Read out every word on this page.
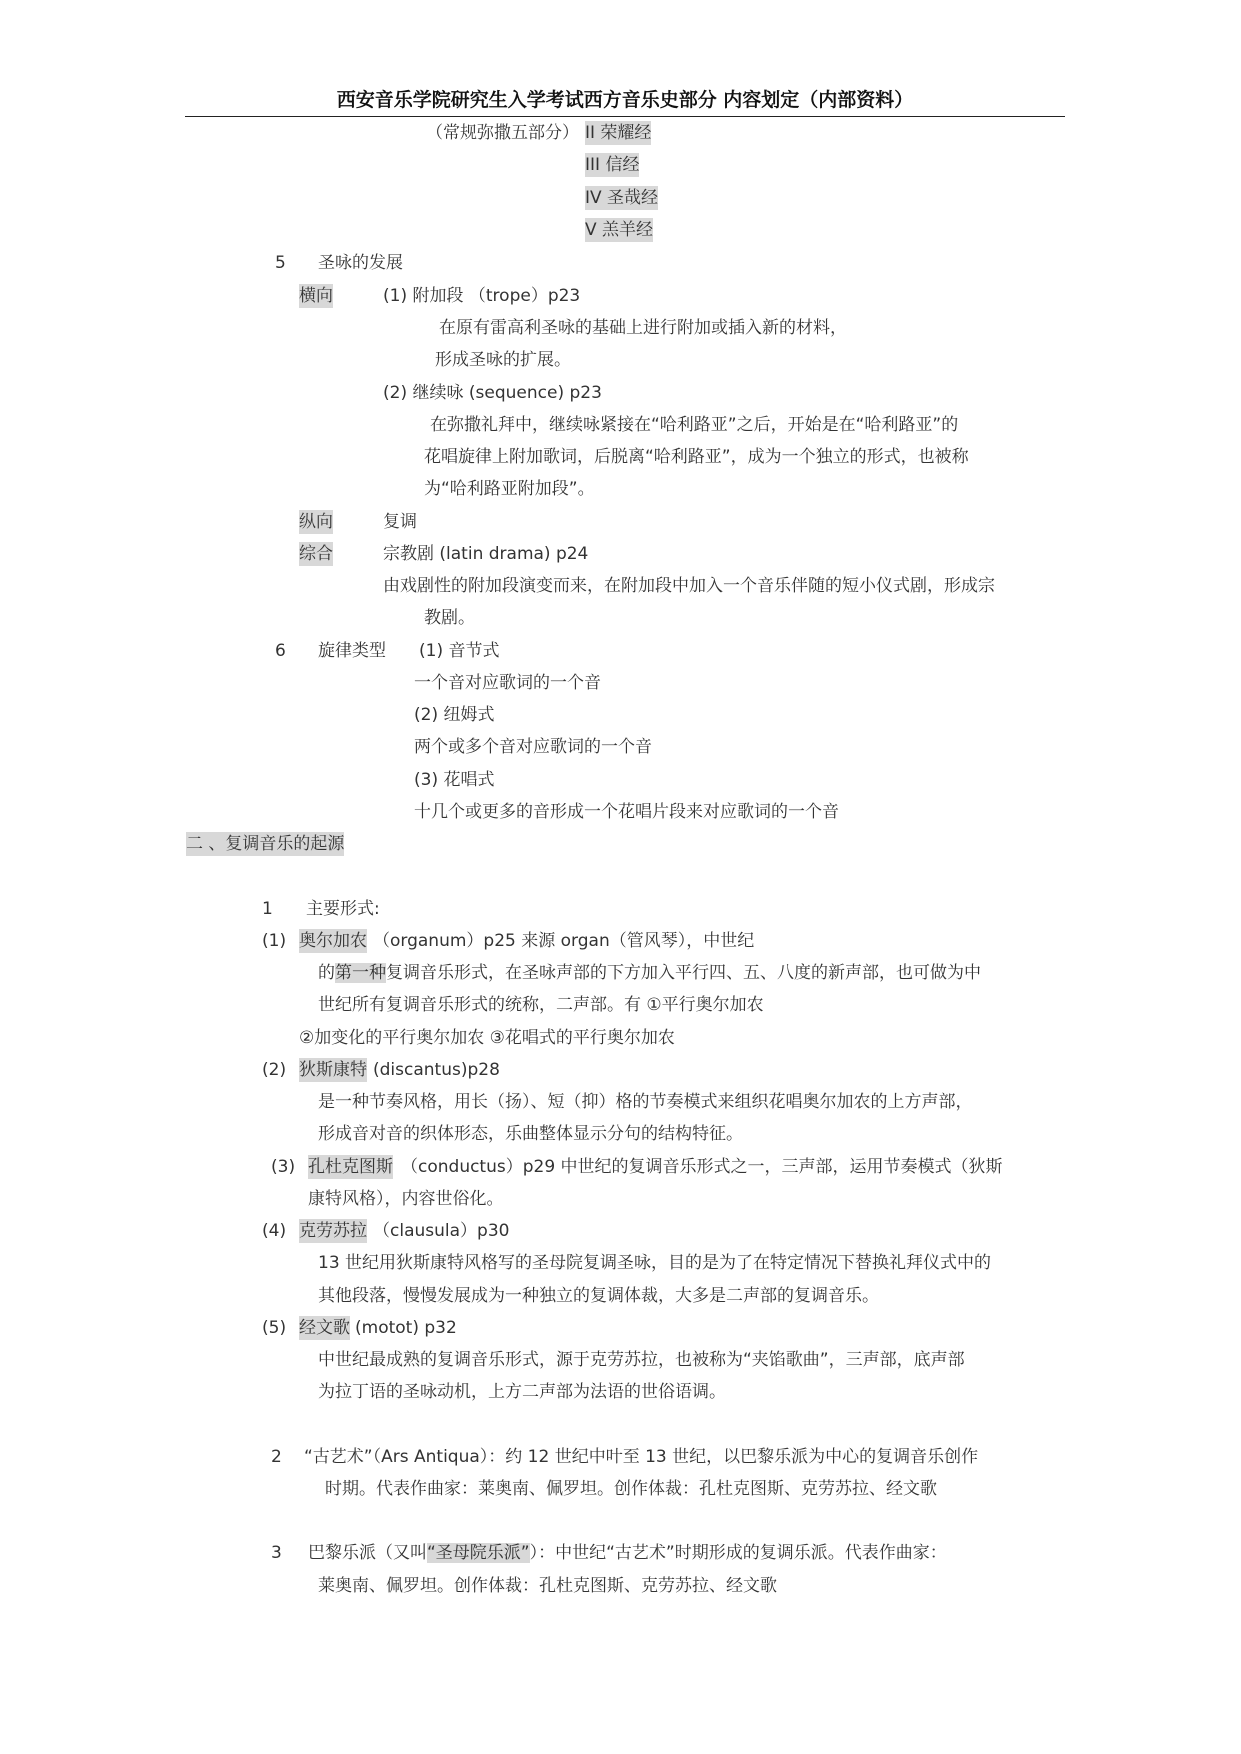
西安音乐学院研究生入学考试西方音乐史部分 内容划定（内部资料）
（常规弥撒五部分） II 荣耀经
III 信经
IV 圣哉经
V 羔羊经
5 圣咏的发展
横向	(1) 附加段 （trope）p23
在原有雷高利圣咏的基础上进行附加或插入新的材料，
形成圣咏的扩展。
(2) 继续咏 (sequence) p23
在弥撒礼拜中，继续咏紧接在“哈利路亚”之后，开始是在“哈利路亚”的
花唱旋律上附加歌词，后脱离“哈利路亚”，成为一个独立的形式，也被称
为“哈利路亚附加段”。
纵向	复调
综合	宗教剧 (latin drama) p24
由戏剧性的附加段演变而来，在附加段中加入一个音乐伴随的短小仪式剧，形成宗
教剧。
6 旋律类型 (1) 音节式
一个音对应歌词的一个音
(2) 纽姆式
两个或多个音对应歌词的一个音
(3) 花唱式
十几个或更多的音形成一个花唱片段来对应歌词的一个音
二 、复调音乐的起源
1 主要形式:
(1) 奥尔加农 （organum）p25 来源 organ（管风琴），中世纪
的第一种复调音乐形式，在圣咏声部的下方加入平行四、五、八度的新声部，也可做为中
世纪所有复调音乐形式的统称，二声部。有 ①平行奥尔加农
②加变化的平行奥尔加农 ③花唱式的平行奥尔加农
(2) 狄斯康特 (discantus)p28
是一种节奏风格，用长（扬）、短（抑）格的节奏模式来组织花唱奥尔加农的上方声部，
形成音对音的织体形态，乐曲整体显示分句的结构特征。
(3) 孔杜克图斯 （conductus）p29 中世纪的复调音乐形式之一，三声部，运用节奏模式（狄斯
康特风格），内容世俗化。
(4) 克劳苏拉 （clausula）p30
13 世纪用狄斯康特风格写的圣母院复调圣咏，目的是为了在特定情况下替换礼拜仪式中的
其他段落，慢慢发展成为一种独立的复调体裁，大多是二声部的复调音乐。
(5) 经文歌 (motot) p32
中世纪最成熟的复调音乐形式，源于克劳苏拉，也被称为“夹馅歌曲”，三声部，底声部
为拉丁语的圣咏动机，上方二声部为法语的世俗语调。
2 “古艺术”（Ars Antiqua）：约 12 世纪中叶至 13 世纪，以巴黎乐派为中心的复调音乐创作
时期。代表作曲家：莱奥南、佩罗坦。创作体裁：孔杜克图斯、克劳苏拉、经文歌
3 巴黎乐派（又叫“圣母院乐派”）：中世纪“古艺术”时期形成的复调乐派。代表作曲家：
莱奥南、佩罗坦。创作体裁：孔杜克图斯、克劳苏拉、经文歌
